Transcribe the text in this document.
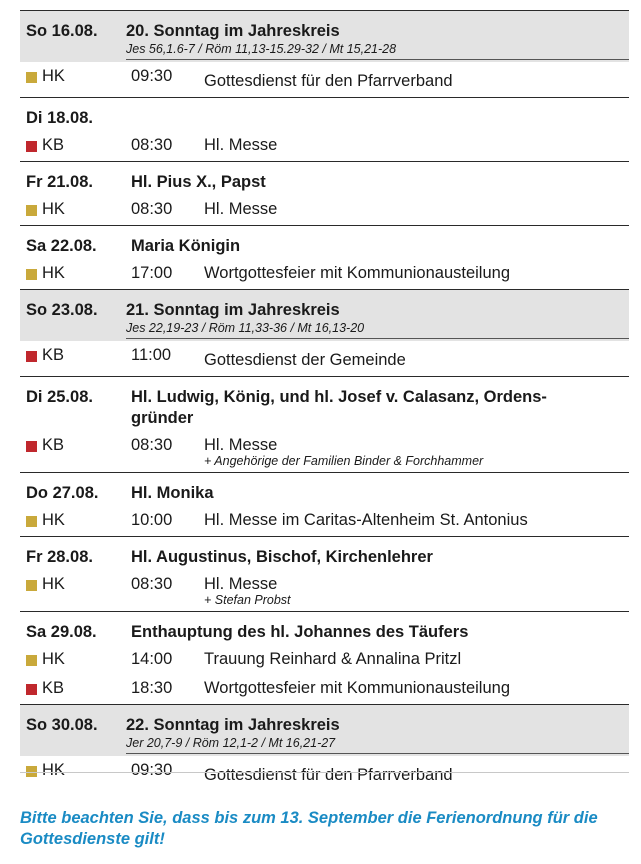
So 16.08. 20. Sonntag im Jahreskreis
Jes 56,1.6-7 / Röm 11,13-15.29-32 / Mt 15,21-28
HK	09:30 Gottesdienst für den Pfarrverband
Di 18.08.

KB	08:30 Hl. Messe
Fr 21.08. Hl. Pius X., Papst
HK	08:30 Hl. Messe
Sa 22.08. Maria Königin
HK	17:00 Wortgottesfeier mit Kommunionausteilung
So 23.08. 21. Sonntag im Jahreskreis
Jes 22,19-23 / Röm 11,33-36 / Mt 16,13-20
KB	11:00 Gottesdienst der Gemeinde
Di 25.08. Hl. Ludwig, König, und hl. Josef v. Calasanz, Ordens-gründer
KB	08:30 Hl. Messe
+ Angehörige der Familien Binder & Forchhammer
Do 27.08. Hl. Monika
HK	10:00 Hl. Messe im Caritas-Altenheim St. Antonius
Fr 28.08. Hl. Augustinus, Bischof, Kirchenlehrer
HK	08:30 Hl. Messe
+ Stefan Probst
Sa 29.08. Enthauptung des hl. Johannes des Täufers
HK	14:00 Trauung Reinhard & Annalina Pritzl
KB	18:30 Wortgottesfeier mit Kommunionausteilung
So 30.08. 22. Sonntag im Jahreskreis
Jer 20,7-9 / Röm 12,1-2 / Mt 16,21-27
HK	09:30 Gottesdienst für den Pfarrverband
Bitte beachten Sie, dass bis zum 13. September die Ferienordnung für die Gottesdienste gilt!
